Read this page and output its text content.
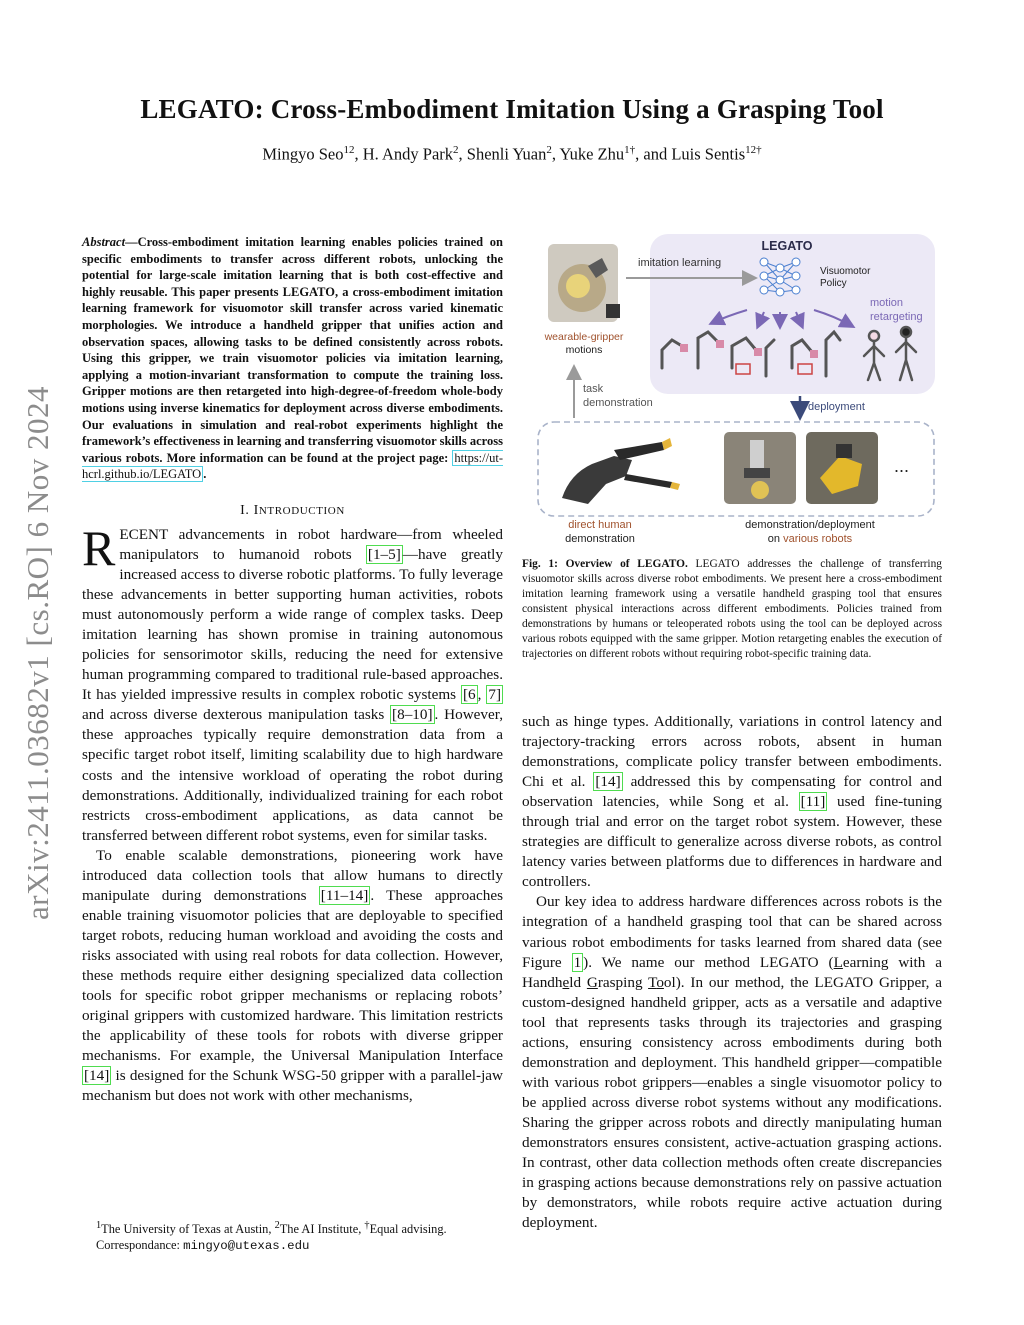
arXiv:2411.03682v1 [cs.RO] 6 Nov 2024
LEGATO: Cross-Embodiment Imitation Using a Grasping Tool
Mingyo Seo$^{12}$, H. Andy Park$^2$, Shenli Yuan$^2$, Yuke Zhu$^{1\dagger}$, and Luis Sentis$^{12\dagger}$
Abstract—Cross-embodiment imitation learning enables policies trained on specific embodiments to transfer across different robots, unlocking the potential for large-scale imitation learning that is both cost-effective and highly reusable. This paper presents LEGATO, a cross-embodiment imitation learning framework for visuomotor skill transfer across varied kinematic morphologies. We introduce a handheld gripper that unifies action and observation spaces, allowing tasks to be defined consistently across robots. Using this gripper, we train visuomotor policies via imitation learning, applying a motion-invariant transformation to compute the training loss. Gripper motions are then retargeted into high-degree-of-freedom whole-body motions using inverse kinematics for deployment across diverse embodiments. Our evaluations in simulation and real-robot experiments highlight the framework’s effectiveness in learning and transferring visuomotor skills across various robots. More information can be found at the project page: https://ut-hcrl.github.io/LEGATO .
I. INTRODUCTION

RECENT advancements in robot hardware—from wheeled manipulators to humanoid robots [1–5] —have greatly increased access to diverse robotic platforms. To fully leverage these advancements in better supporting human activities, robots must autonomously perform a wide range of complex tasks. Deep imitation learning has shown promise in training autonomous policies for sensorimotor skills, reducing the need for extensive human programming compared to traditional rule-based approaches. It has yielded impressive results in complex robotic systems [6 , 7] and across diverse dexterous manipulation tasks [8–10] . However, these approaches typically require demonstration data from a specific target robot itself, limiting scalability due to high hardware costs and the intensive workload of operating the robot during demonstrations. Additionally, individualized training for each robot restricts cross-embodiment applications, as data cannot be transferred between different robot systems, even for similar tasks.

To enable scalable demonstrations, pioneering work have introduced data collection tools that allow humans to directly manipulate during demonstrations [11–14] . These approaches enable training visuomotor policies that are deployable to specified target robots, reducing human workload and avoiding the costs and risks associated with using real robots for data collection. However, these methods require either designing specialized data collection tools for specific robot gripper mechanisms or replacing robots’ original grippers with customized hardware. This limitation restricts the applicability of these tools for robots with diverse gripper mechanisms. For example, the Universal Manipulation Interface [14] is designed for the Schunk WSG-50 gripper with a parallel-jaw mechanism but does not work with other mechanisms,

$^1$The University of Texas at Austin, $^2$The AI Institute, †Equal advising.
Correspondance: mingyo@utexas.edu
LEGATO
Visuomotor
Policy
motion
retargeting
imitation learning
wearable-gripper
motions
task
demonstration	deployment
direct human
demonstration
...
demonstration/deployment
on various robots
Fig. 1: Overview of LEGATO. LEGATO addresses the challenge of transferring visuomotor skills across diverse robot embodiments. We present here a cross-embodiment imitation learning framework using a versatile handheld grasping tool that ensures consistent physical interactions across different embodiments. Policies trained from demonstrations by humans or teleoperated robots using the tool can be deployed across various robots equipped with the same gripper. Motion retargeting enables the execution of trajectories on different robots without requiring robot-specific training data.

such as hinge types. Additionally, variations in control latency and trajectory-tracking errors across robots, absent in human demonstrations, complicate policy transfer between embodiments. Chi et al. [14] addressed this by compensating for control and observation latencies, while Song et al. [11] used fine-tuning through trial and error on the target robot system. However, these strategies are difficult to generalize across diverse robots, as control latency varies between platforms due to differences in hardware and controllers.

Our key idea to address hardware differences across robots is the integration of a handheld grasping tool that can be shared across various robot embodiments for tasks learned from shared data (see Figure 1 ). We name our method LEGATO (Learning with a Handheld Grasping Tool). In our method, the LEGATO Gripper, a custom-designed handheld gripper, acts as a versatile and adaptive tool that represents tasks through its trajectories and grasping actions, ensuring consistency across embodiments during both demonstration and deployment. This handheld gripper—compatible with various robot grippers—enables a single visuomotor policy to be applied across diverse robot systems without any modifications. Sharing the gripper across robots and directly manipulating human demonstrators ensures consistent, active-actuation grasping actions. In contrast, other data collection methods often create discrepancies in grasping actions because demonstrations rely on passive actuation by demonstrators, while robots require active actuation during deployment.
